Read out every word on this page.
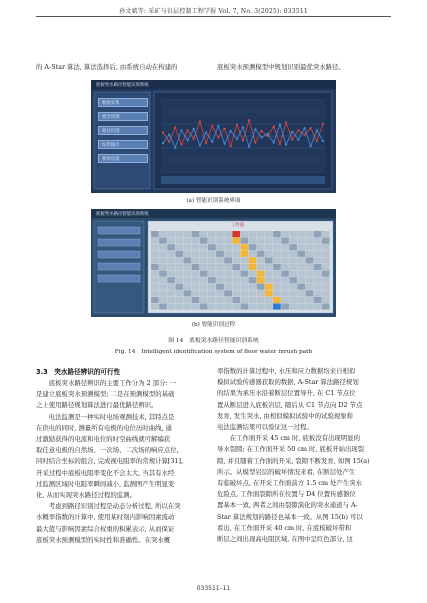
孙文斌等: 采矿与岩层控制工程学报 Vol. 7, No. 3(2025): 033511
的 A-Star 算法, 算法选择后, 由系统自动在构建的	底板突水预测模型中规划识别最优突水路径。
底板突水路径智能识别系统
数据采集
模型预测
路径识别
结果输出
系统设置
(a) 智能识别系统界面
底板突水路径智能识别系统
工作面
(b) 智能识别过程
图 14　底板突水路径智能识别系统
Fig. 14　Intelligent identification system of floor water inrush path
3.3　突水路径辨识的可行性
　　底板突水路径辨识的主要工作分为 2 部分: 一
是建立底板突水预测模型; 二是在预测模型的基础
之上使用路径规划算法进行最优路径辨识。
　　电法监测是一种实时电场观测技术, 其特点是
在供电的同时, 测量所有电极的电位历时曲线, 通
过激励获得的电流和电位的时空曲线就可解编获
取任意电极的自然场、一次场、二次场的响应点位,
同时结合坐标的组合, 完成视电阻率的常规计算[31]。
开采过程中底板电阻率变化不会太大, 当其有水经
过监测区域时电阻率瞬间减小, 监测图产生明显变
化, 从而实现突水路径过程的监测。
　　考虑到路径识别过程是动态分析过程, 所以在突
水概率指数的计算中, 使用某时刻内影响因素流动
最大值与影响因素综合权重的积累表示, 从而保证
底板突水预测模型的实时性和准确性。在突水概
率指数的计算过程中, 水压和应力数据均来自相似
模拟试验传感器获取的数据, A-Star 算法路径规划
的结果为承压水沿着断层位置导升, 在 C1 节点位
置从断层进入底板岩层, 随后从 C1 节点向 D2 节点
发育, 发生突水, 由相似模拟试验中的试验现象和
电法监测结果可以验证这一过程。
　　在工作面开采 45 cm 时, 底板没有出现明显的
导水裂隙; 在工作面开采 50 cm 时, 底板开始出现裂
隙, 并且随着工作面的开采, 裂隙不断发育, 如图 15(a)
所示。从模型岩层的破坏情况来看, 在断层处产生
有临破坏点, 在开采工作面前方 1.5 cm 处产生突水
危险点, 工作面裂隙所在位置与 D4 位置传感器位
置基本一致, 两者之间由裂隙演化的突水通道与 A-
Star 算法规划的路径也基本一致。从图 15(b) 可以
看出, 在工作面开采 40 cm 时, 在底板破坏带和
断层之间出现高电阻区域, 在图中呈红色部分, 这
033511–11
